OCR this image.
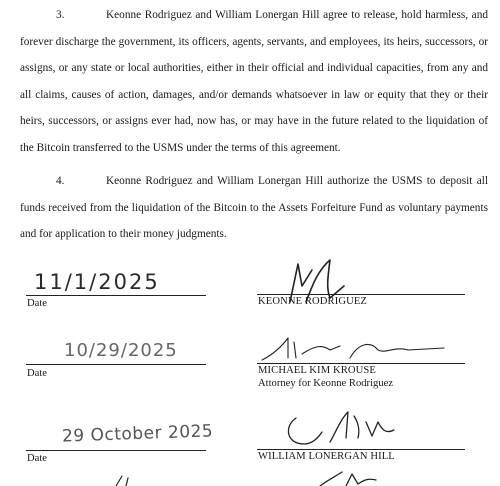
3.	Keonne Rodriguez and William Lonergan Hill agree to release, hold harmless, and forever discharge the government, its officers, agents, servants, and employees, its heirs, successors, or assigns, or any state or local authorities, either in their official and individual capacities, from any and all claims, causes of action, damages, and/or demands whatsoever in law or equity that they or their heirs, successors, or assigns ever had, now has, or may have in the future related to the liquidation of the Bitcoin transferred to the USMS under the terms of this agreement.
4.	Keonne Rodriguez and William Lonergan Hill authorize the USMS to deposit all funds received from the liquidation of the Bitcoin to the Assets Forfeiture Fund as voluntary payments and for application to their money judgments.
11/1/2025
Date	KEONNE RODRIGUEZ
10/29/2025
Date	MICHAEL KIM KROUSE
Attorney for Keonne Rodriguez
29 October 2025
Date	WILLIAM LONERGAN HILL
